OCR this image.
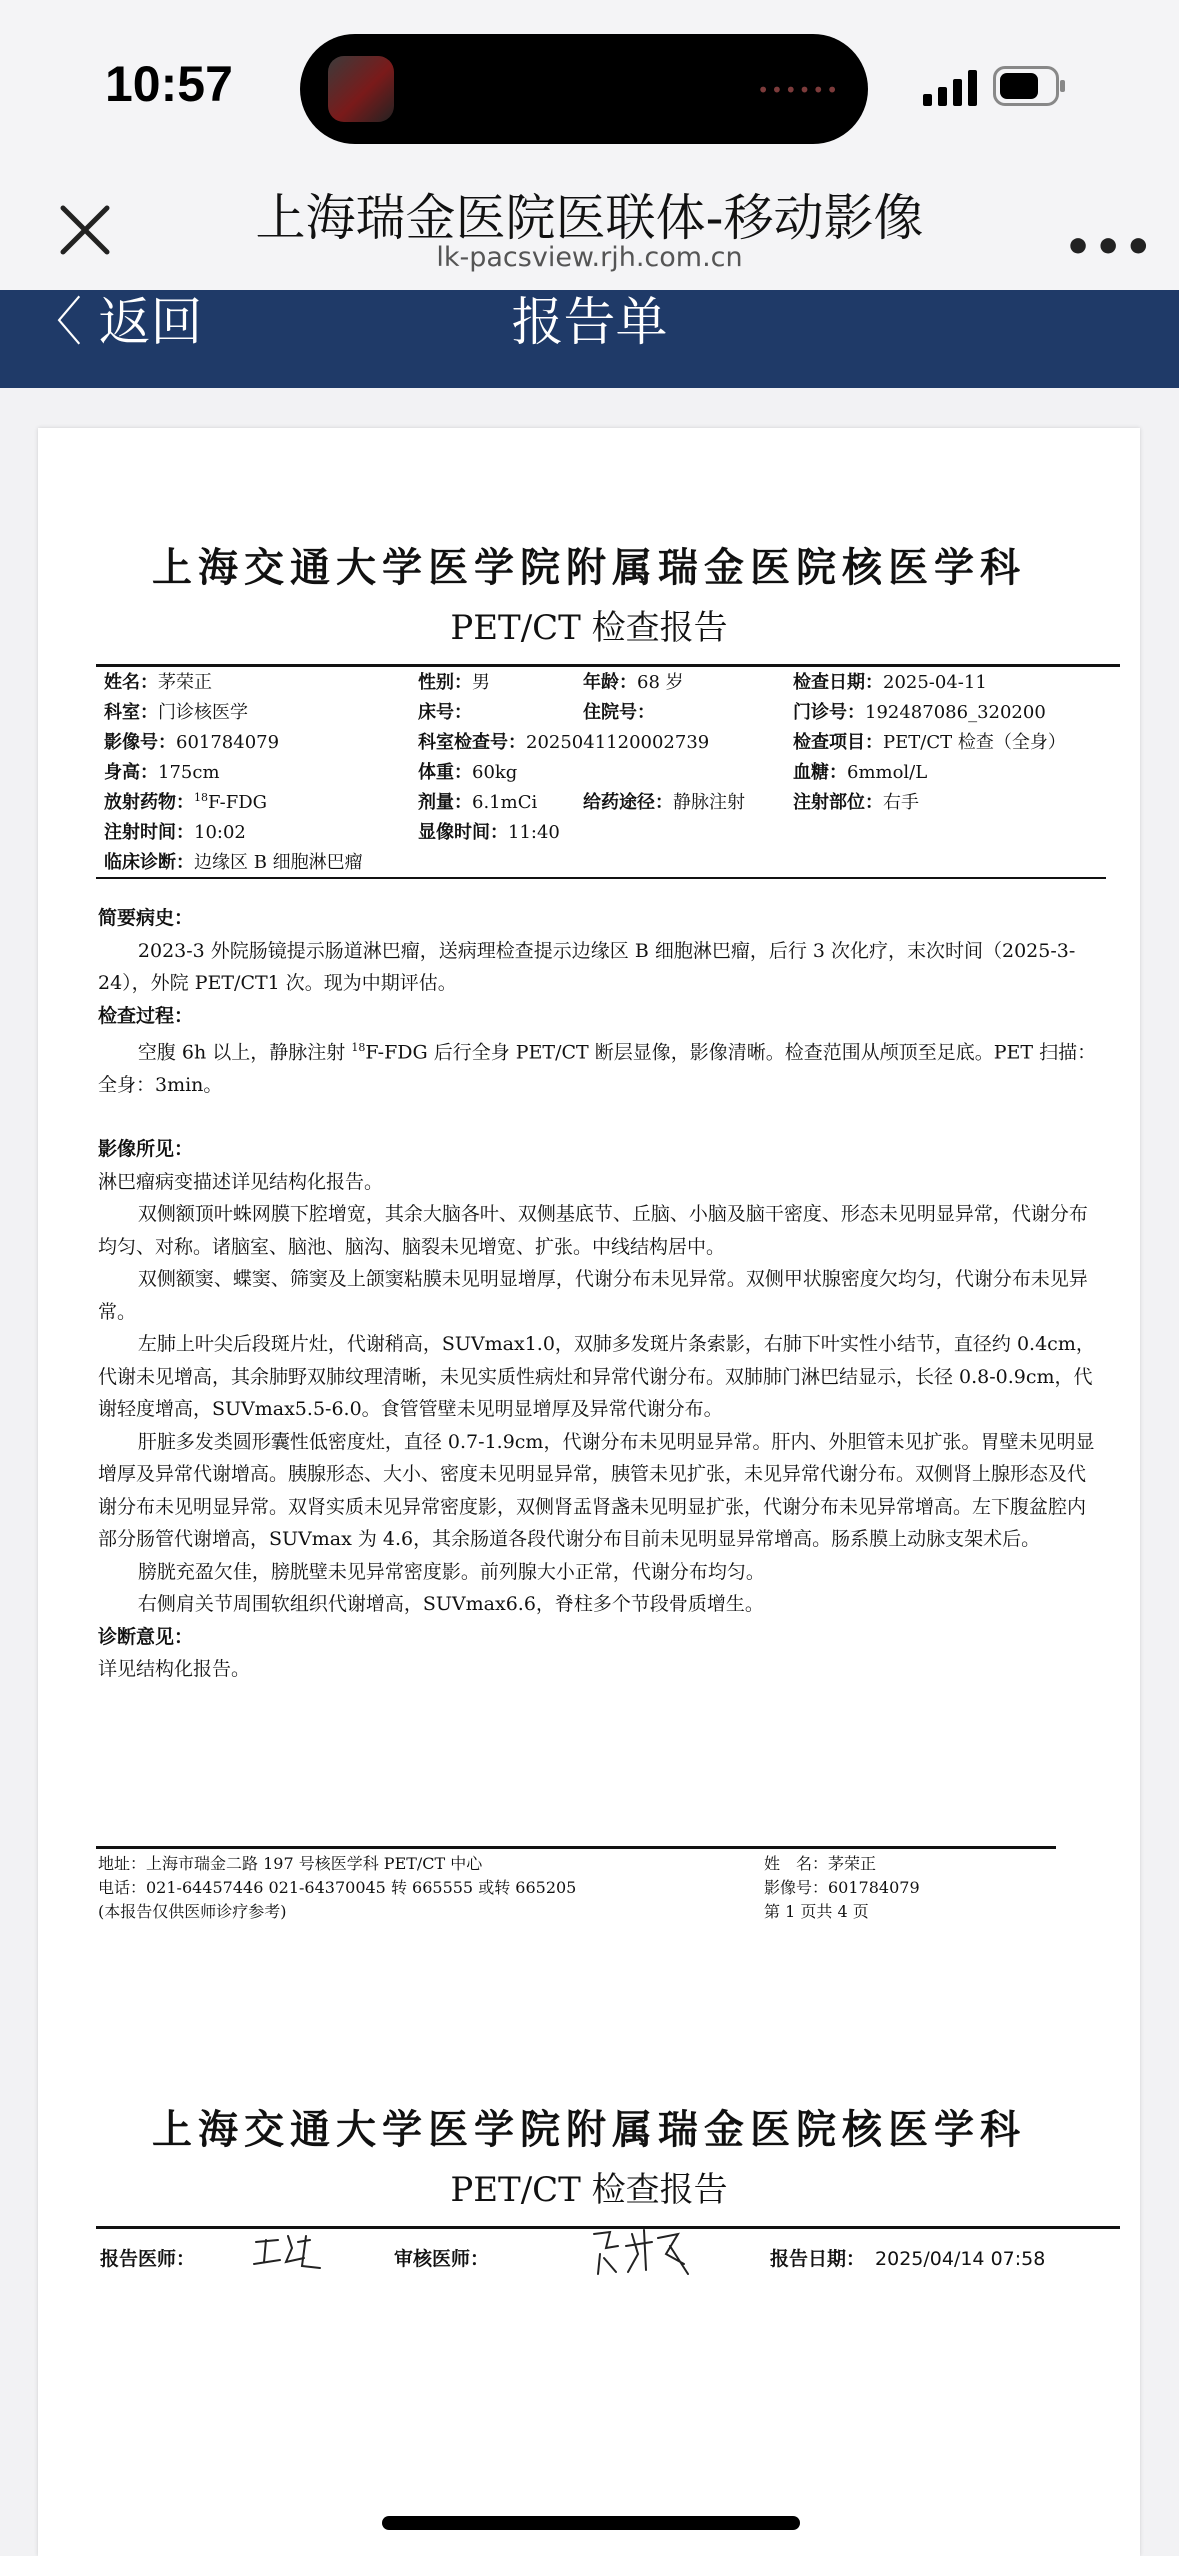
10:57	••••••
上海瑞金医院医联体-移动影像
lk-pacsview.rjh.com.cn	•••
〈 返回	报告单
上海交通大学医学院附属瑞金医院核医学科
PET/CT 检查报告
姓名：茅荣正	性别：男	年龄：68 岁	检查日期：2025-04-11
科室：门诊核医学	床号：	住院号：	门诊号：192487086_320200
影像号：601784079	科室检查号：2025041120002739	检查项目：PET/CT 检查（全身）
身高：175cm	体重：60kg	血糖：6mmol/L
放射药物：$^{18}$F-FDG	剂量：6.1mCi	给药途径：静脉注射	注射部位：右手
注射时间：10:02	显像时间：11:40
临床诊断：边缘区 B 细胞淋巴瘤

简要病史：

2023-3 外院肠镜提示肠道淋巴瘤，送病理检查提示边缘区 B 细胞淋巴瘤，后行 3 次化疗，末次时间（2025-3-24），外院 PET/CT1 次。现为中期评估。

检查过程：

空腹 6h 以上，静脉注射 $^{18}$F-FDG 后行全身 PET/CT 断层显像，影像清晰。检查范围从颅顶至足底。PET 扫描：全身：3min。

影像所见：

淋巴瘤病变描述详见结构化报告。

双侧额顶叶蛛网膜下腔增宽，其余大脑各叶、双侧基底节、丘脑、小脑及脑干密度、形态未见明显异常，代谢分布均匀、对称。诸脑室、脑池、脑沟、脑裂未见增宽、扩张。中线结构居中。

双侧额窦、蝶窦、筛窦及上颌窦粘膜未见明显增厚，代谢分布未见异常。双侧甲状腺密度欠均匀，代谢分布未见异常。

左肺上叶尖后段斑片灶，代谢稍高，SUVmax1.0，双肺多发斑片条索影，右肺下叶实性小结节，直径约 0.4cm，代谢未见增高，其余肺野双肺纹理清晰，未见实质性病灶和异常代谢分布。双肺肺门淋巴结显示，长径 0.8-0.9cm，代谢轻度增高，SUVmax5.5-6.0。食管管壁未见明显增厚及异常代谢分布。

肝脏多发类圆形囊性低密度灶，直径 0.7-1.9cm，代谢分布未见明显异常。肝内、外胆管未见扩张。胃壁未见明显增厚及异常代谢增高。胰腺形态、大小、密度未见明显异常，胰管未见扩张，未见异常代谢分布。双侧肾上腺形态及代谢分布未见明显异常。双肾实质未见异常密度影，双侧肾盂肾盏未见明显扩张，代谢分布未见异常增高。左下腹盆腔内部分肠管代谢增高，SUVmax 为 4.6，其余肠道各段代谢分布目前未见明显异常增高。肠系膜上动脉支架术后。

膀胱充盈欠佳，膀胱壁未见异常密度影。前列腺大小正常，代谢分布均匀。

右侧肩关节周围软组织代谢增高，SUVmax6.6，脊柱多个节段骨质增生。

诊断意见：

详见结构化报告。

地址：上海市瑞金二路 197 号核医学科 PET/CT 中心
电话：021-64457446 021-64370045 转 665555 或转 665205
(本报告仅供医师诊疗参考)
姓　名：茅荣正
影像号：601784079
第 1 页共 4 页
上海交通大学医学院附属瑞金医院核医学科
PET/CT 检查报告
报告医师：	审核医师：	报告日期： 2025/04/14 07:58
